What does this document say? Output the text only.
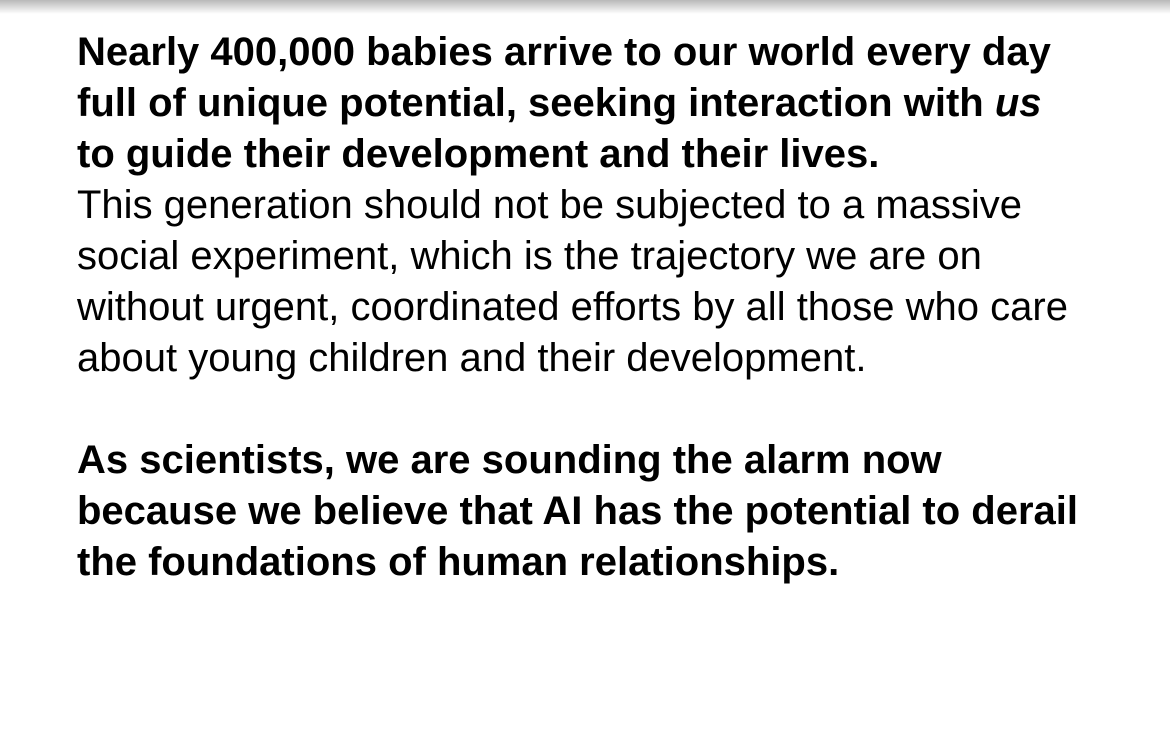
Nearly 400,000 babies arrive to our world every day full of unique potential, seeking interaction with us to guide their development and their lives.

This generation should not be subjected to a massive social experiment, which is the trajectory we are on without urgent, coordinated efforts by all those who care about young children and their development.

As scientists, we are sounding the alarm now because we believe that AI has the potential to derail the foundations of human relationships.
